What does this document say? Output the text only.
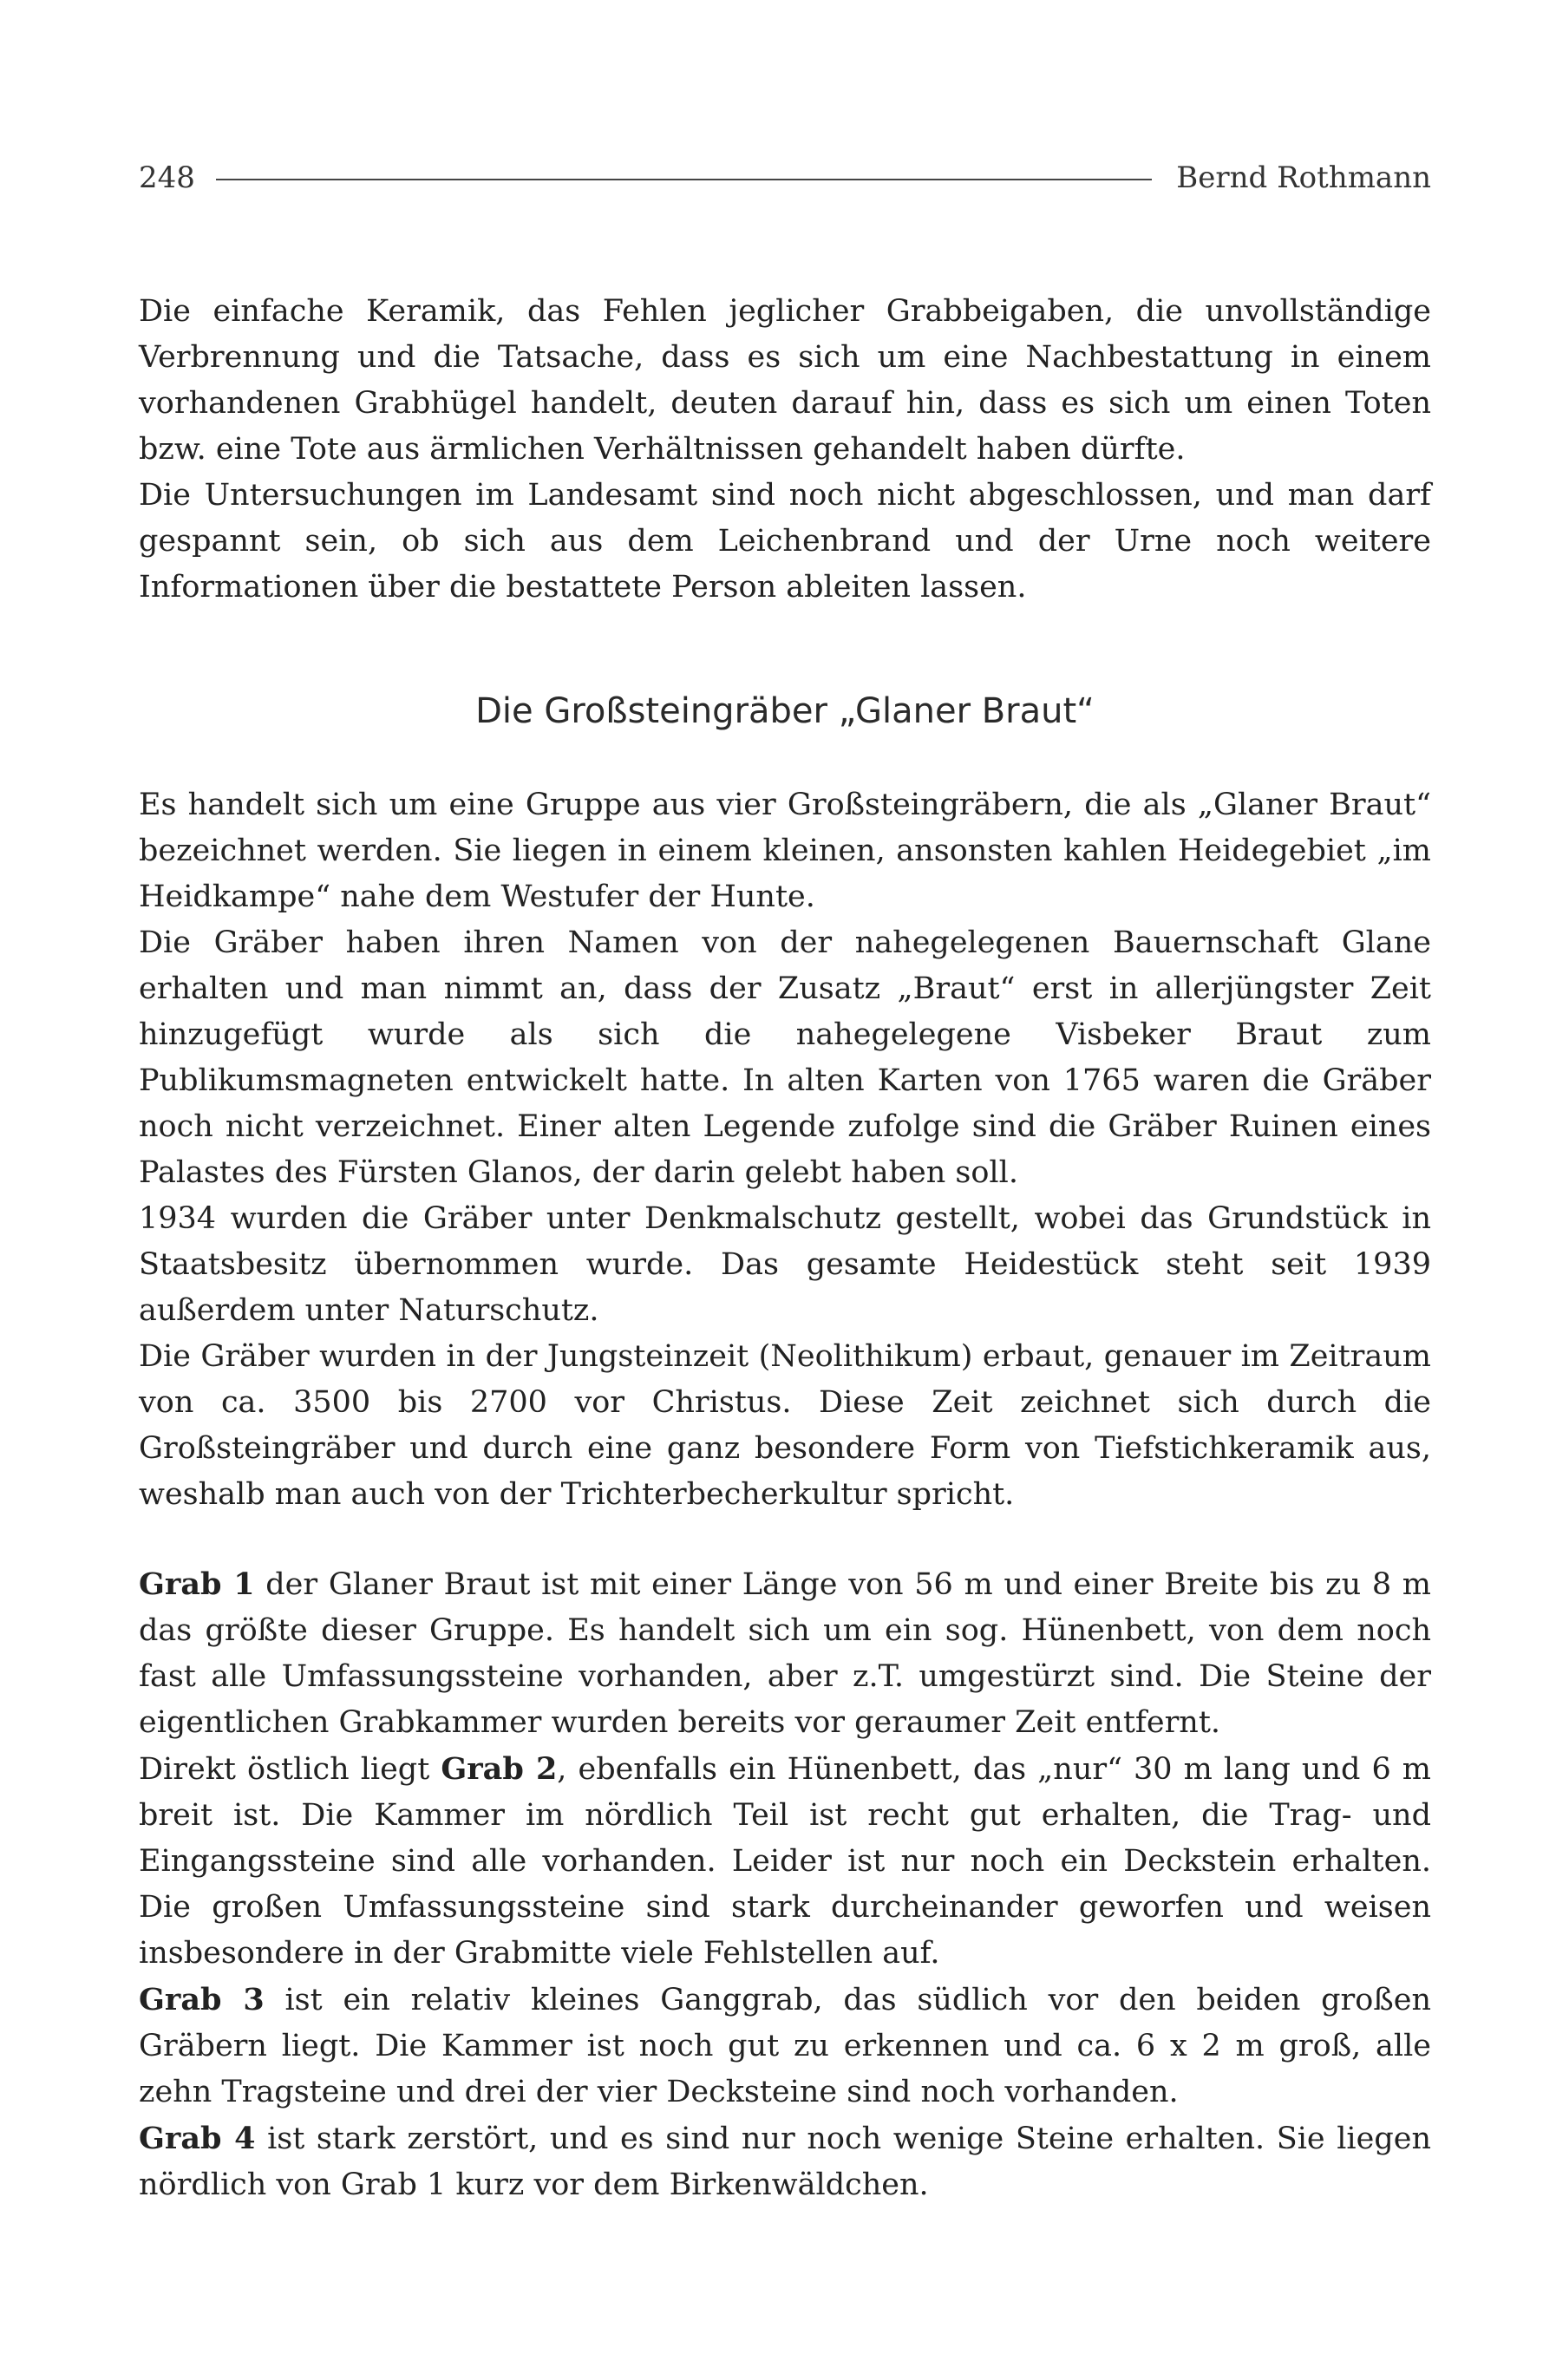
248	Bernd Rothmann

Die einfache Keramik, das Fehlen jeglicher Grabbeigaben, die unvollständige Verbrennung und die Tatsache, dass es sich um eine Nachbestattung in einem vorhandenen Grabhügel handelt, deuten darauf hin, dass es sich um einen Toten bzw. eine Tote aus ärmlichen Verhältnissen gehandelt haben dürfte.

Die Untersuchungen im Landesamt sind noch nicht abgeschlossen, und man darf gespannt sein, ob sich aus dem Leichenbrand und der Urne noch weitere Informationen über die bestattete Person ableiten lassen.

Die Großsteingräber „Glaner Braut“

Es handelt sich um eine Gruppe aus vier Großsteingräbern, die als „Glaner Braut“ bezeichnet werden. Sie liegen in einem kleinen, ansonsten kahlen Heidegebiet „im Heidkampe“ nahe dem Westufer der Hunte.

Die Gräber haben ihren Namen von der nahegelegenen Bauernschaft Glane erhalten und man nimmt an, dass der Zusatz „Braut“ erst in allerjüngster Zeit hinzugefügt wurde als sich die nahegelegene Visbeker Braut zum Publikumsmagneten entwickelt hatte. In alten Karten von 1765 waren die Gräber noch nicht verzeichnet. Einer alten Legende zufolge sind die Gräber Ruinen eines Palastes des Fürsten Glanos, der darin gelebt haben soll.

1934 wurden die Gräber unter Denkmalschutz gestellt, wobei das Grundstück in Staatsbesitz übernommen wurde. Das gesamte Heidestück steht seit 1939 außerdem unter Naturschutz.

Die Gräber wurden in der Jungsteinzeit (Neolithikum) erbaut, genauer im Zeitraum von ca. 3500 bis 2700 vor Christus. Diese Zeit zeichnet sich durch die Großsteingräber und durch eine ganz besondere Form von Tiefstichkeramik aus, weshalb man auch von der Trichterbecherkultur spricht.

Grab 1 der Glaner Braut ist mit einer Länge von 56 m und einer Breite bis zu 8 m das größte dieser Gruppe. Es handelt sich um ein sog. Hünenbett, von dem noch fast alle Umfassungssteine vorhanden, aber z.T. umgestürzt sind. Die Steine der eigentlichen Grabkammer wurden bereits vor geraumer Zeit entfernt.

Direkt östlich liegt Grab 2, ebenfalls ein Hünenbett, das „nur“ 30 m lang und 6 m breit ist. Die Kammer im nördlich Teil ist recht gut erhalten, die Trag- und Eingangssteine sind alle vorhanden. Leider ist nur noch ein Deckstein erhalten. Die großen Umfassungssteine sind stark durcheinander geworfen und weisen insbesondere in der Grabmitte viele Fehlstellen auf.

Grab 3 ist ein relativ kleines Ganggrab, das südlich vor den beiden großen Gräbern liegt. Die Kammer ist noch gut zu erkennen und ca. 6 x 2 m groß, alle zehn Tragsteine und drei der vier Decksteine sind noch vorhanden.

Grab 4 ist stark zerstört, und es sind nur noch wenige Steine erhalten. Sie liegen nördlich von Grab 1 kurz vor dem Birkenwäldchen.
